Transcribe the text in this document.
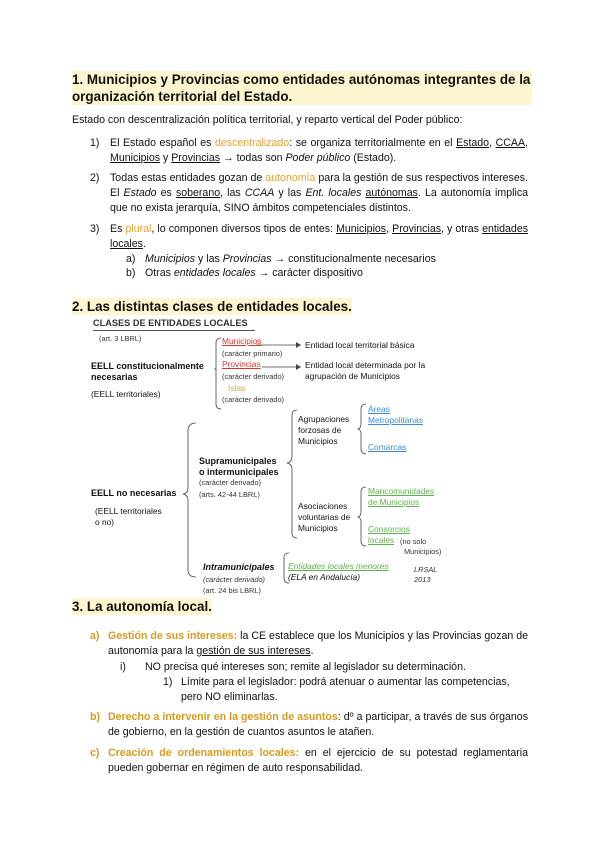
1. Municipios y Provincias como entidades autónomas integrantes de la organización territorial del Estado.
Estado con descentralización política territorial, y reparto vertical del Poder público:
1) El Estado español es descentralizado: se organiza territorialmente en el Estado, CCAA, Municipios y Provincias → todas son Poder público (Estado).
2) Todas estas entidades gozan de autonomía para la gestión de sus respectivos intereses. El Estado es soberano, las CCAA y las Ent. locales autónomas. La autonomía implica que no exista jerarquía, SINO ámbitos competenciales distintos.
3) Es plural, lo componen diversos tipos de entes: Municipios, Provincias, y otras entidades locales.
a) Municipios y las Provincias → constitucionalmente necesarios
b) Otras entidades locales → carácter dispositivo
2. Las distintas clases de entidades locales.
CLASES DE ENTIDADES LOCALES
(art. 3 LBRL)
EELL constitucionalmente
necesarias
(EELL territoriales)
Municipios
(carácter primario)
Entidad local territorial básica
Provincias
(carácter derivado)
Entidad local determinada por la
agrupación de Municipios
Islas
(carácter derivado)
EELL no necesarias
(EELL territoriales
o no)
Supramunicipales
o intermunicipales
(carácter derivado)
(arts. 42-44 LBRL)
Agrupaciones
forzosas de
Municipios
Áreas
Metropolitanas
Comarcas
Asociaciones
voluntarias de
Municipios
Mancomunidades
de Municipios
Consorcios
locales (no solo
Municipios)
Intramunicipales
(carácter derivado)
(art. 24 bis LBRL)
Entidades locales menores
(ELA en Andalucía)
LRSAL
2013
3. La autonomía local.
a) Gestión de sus intereses: la CE establece que los Municipios y las Provincias gozan de autonomía para la gestión de sus intereses.
i) NO precisa qué intereses son; remite al legislador su determinación.
1) Límite para el legislador: podrá atenuar o aumentar las competencias, pero NO eliminarlas.
b) Derecho a intervenir en la gestión de asuntos: dº a participar, a través de sus órganos de gobierno, en la gestión de cuantos asuntos le atañen.
c) Creación de ordenamientos locales: en el ejercicio de su potestad reglamentaria pueden gobernar en régimen de auto responsabilidad.
